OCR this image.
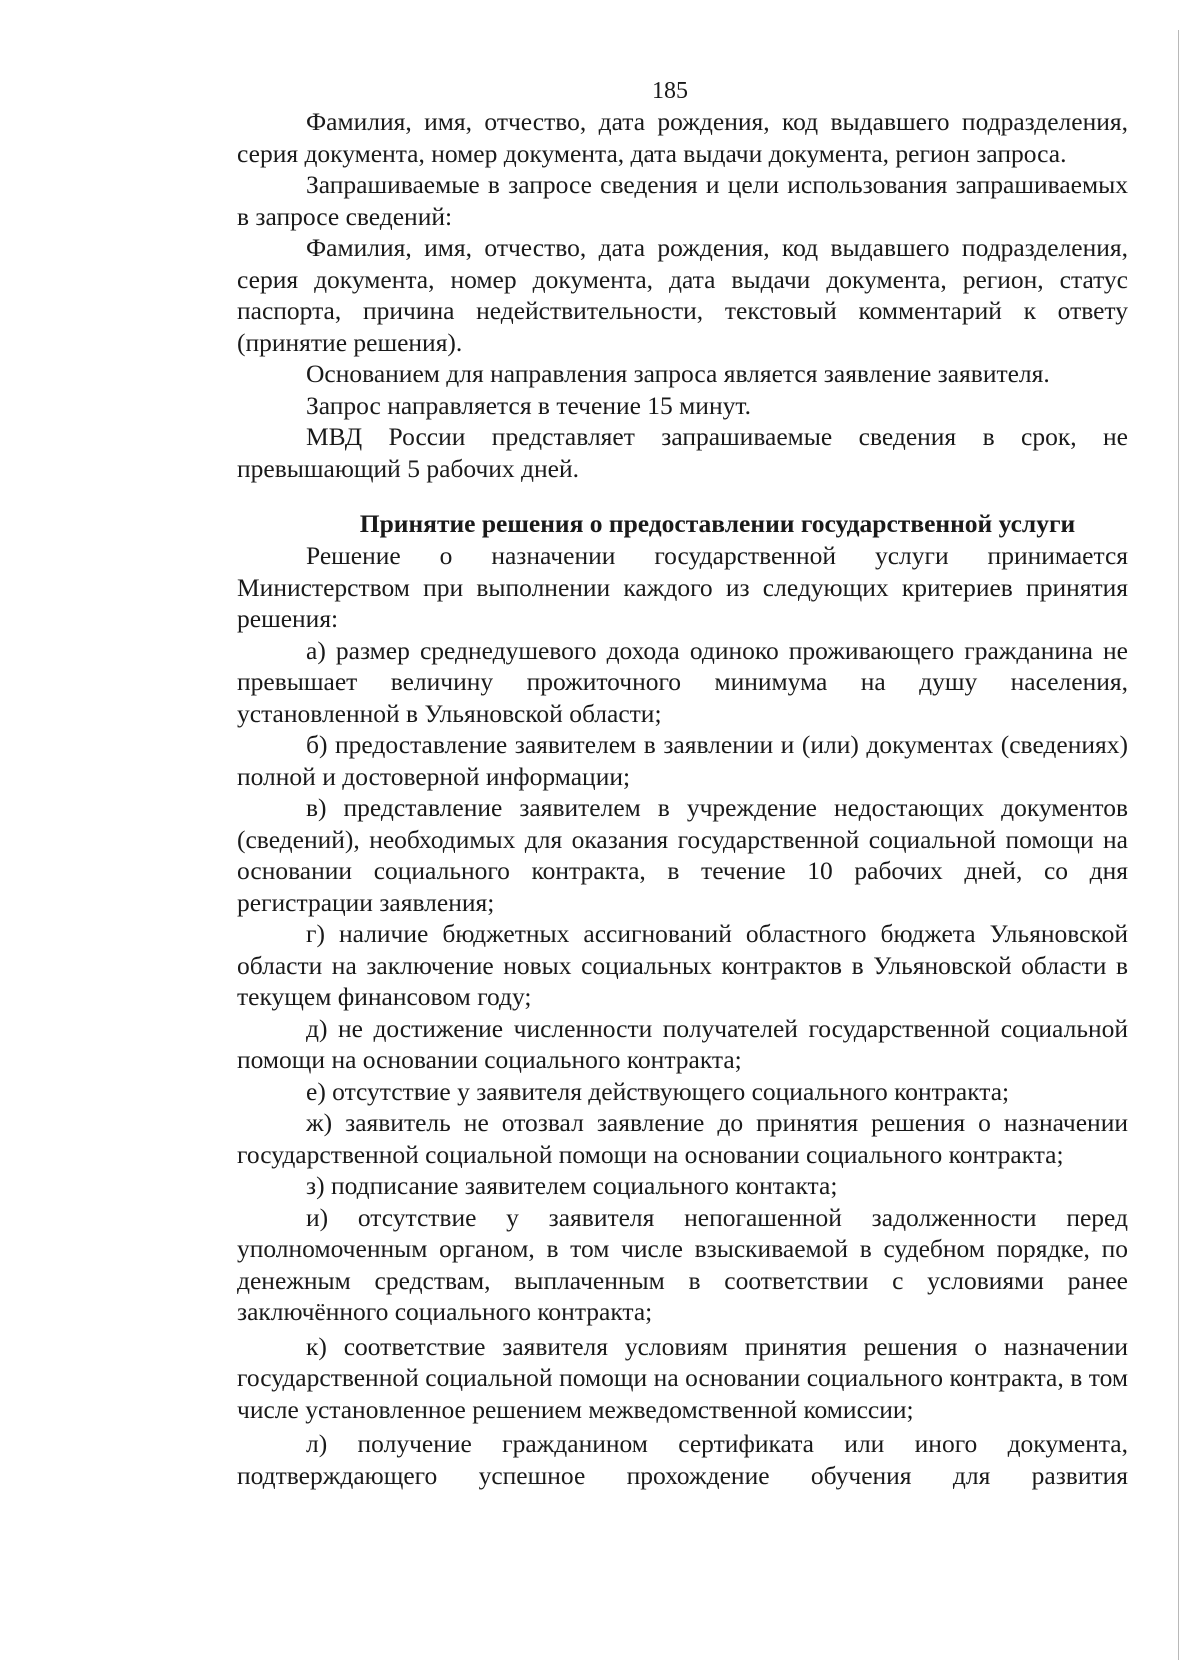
185

Фамилия, имя, отчество, дата рождения, код выдавшего подразделения, серия документа, номер документа, дата выдачи документа, регион запроса.

Запрашиваемые в запросе сведения и цели использования запрашиваемых в запросе сведений:

Фамилия, имя, отчество, дата рождения, код выдавшего подразделения, серия документа, номер документа, дата выдачи документа, регион, статус паспорта, причина недействительности, текстовый комментарий к ответу (принятие решения).

Основанием для направления запроса является заявление заявителя.

Запрос направляется в течение 15 минут.

МВД России представляет запрашиваемые сведения в срок, не превышающий 5 рабочих дней.

Принятие решения о предоставлении государственной услуги

Решение о назначении государственной услуги принимается Министерством при выполнении каждого из следующих критериев принятия решения:

а) размер среднедушевого дохода одиноко проживающего гражданина не превышает величину прожиточного минимума на душу населения, установленной в Ульяновской области;

б) предоставление заявителем в заявлении и (или) документах (сведениях) полной и достоверной информации;

в) представление заявителем в учреждение недостающих документов (сведений), необходимых для оказания государственной социальной помощи на основании социального контракта, в течение 10 рабочих дней, со дня регистрации заявления;

г) наличие бюджетных ассигнований областного бюджета Ульяновской области на заключение новых социальных контрактов в Ульяновской области в текущем финансовом году;

д) не достижение численности получателей государственной социальной помощи на основании социального контракта;

е) отсутствие у заявителя действующего социального контракта;

ж) заявитель не отозвал заявление до принятия решения о назначении государственной социальной помощи на основании социального контракта;

з) подписание заявителем социального контакта;

и) отсутствие у заявителя непогашенной задолженности перед уполномоченным органом, в том числе взыскиваемой в судебном порядке, по денежным средствам, выплаченным в соответствии с условиями ранее заключённого социального контракта;

к) соответствие заявителя условиям принятия решения о назначении государственной социальной помощи на основании социального контракта, в том числе установленное решением межведомственной комиссии;

л) получение гражданином сертификата или иного документа, подтверждающего успешное прохождение обучения для развития
